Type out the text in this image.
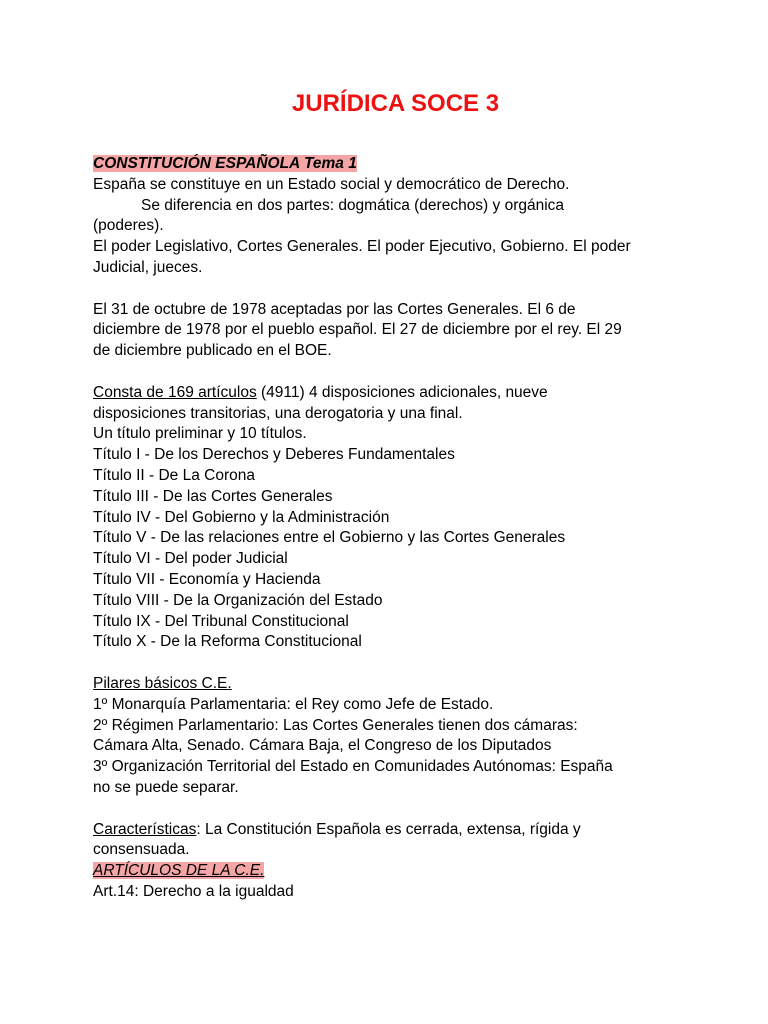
JURÍDICA SOCE 3
CONSTITUCIÓN ESPAÑOLA Tema 1
España se constituye en un Estado social y democrático de Derecho.
Se diferencia en dos partes: dogmática (derechos) y orgánica
(poderes).
El poder Legislativo, Cortes Generales. El poder Ejecutivo, Gobierno. El poder
Judicial, jueces.
El 31 de octubre de 1978 aceptadas por las Cortes Generales. El 6 de
diciembre de 1978 por el pueblo español. El 27 de diciembre por el rey. El 29
de diciembre publicado en el BOE.
Consta de 169 artículos (4911) 4 disposiciones adicionales, nueve
disposiciones transitorias, una derogatoria y una final.
Un título preliminar y 10 títulos.
Título I - De los Derechos y Deberes Fundamentales
Título II - De La Corona
Título III - De las Cortes Generales
Título IV - Del Gobierno y la Administración
Título V - De las relaciones entre el Gobierno y las Cortes Generales
Título VI - Del poder Judicial
Título VII - Economía y Hacienda
Título VIII - De la Organización del Estado
Título IX - Del Tribunal Constitucional
Título X - De la Reforma Constitucional
Pilares básicos C.E.
1º Monarquía Parlamentaria: el Rey como Jefe de Estado.
2º Régimen Parlamentario: Las Cortes Generales tienen dos cámaras:
Cámara Alta, Senado. Cámara Baja, el Congreso de los Diputados
3º Organización Territorial del Estado en Comunidades Autónomas: España
no se puede separar.
Características: La Constitución Española es cerrada, extensa, rígida y
consensuada.
ARTÍCULOS DE LA C.E.
Art.14: Derecho a la igualdad
